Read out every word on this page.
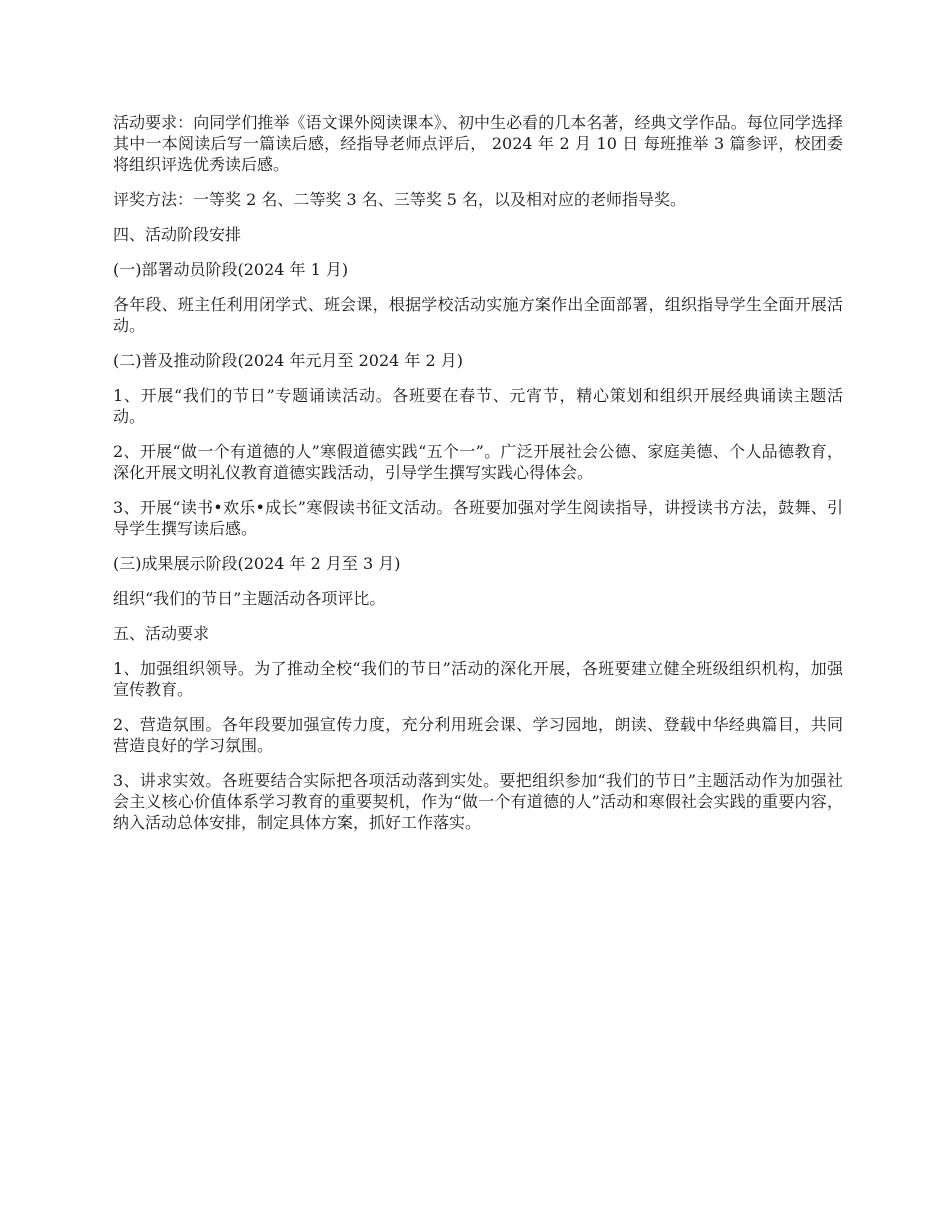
活动要求：向同学们推举《语文课外阅读课本》、初中生必看的几本名著，经典文学作品。每位同学选择其中一本阅读后写一篇读后感，经指导老师点评后， 2024 年 2 月 10 日 每班推举 3 篇参评，校团委将组织评选优秀读后感。

评奖方法：一等奖 2 名、二等奖 3 名、三等奖 5 名，以及相对应的老师指导奖。

四、活动阶段安排

(一)部署动员阶段(2024 年 1 月)

各年段、班主任利用闭学式、班会课，根据学校活动实施方案作出全面部署，组织指导学生全面开展活动。

(二)普及推动阶段(2024 年元月至 2024 年 2 月)

1、开展“我们的节日”专题诵读活动。各班要在春节、元宵节，精心策划和组织开展经典诵读主题活动。

2、开展“做一个有道德的人”寒假道德实践“五个一”。广泛开展社会公德、家庭美德、个人品德教育，深化开展文明礼仪教育道德实践活动，引导学生撰写实践心得体会。

3、开展“读书•欢乐•成长”寒假读书征文活动。各班要加强对学生阅读指导，讲授读书方法，鼓舞、引导学生撰写读后感。

(三)成果展示阶段(2024 年 2 月至 3 月)

组织“我们的节日”主题活动各项评比。

五、活动要求

1、加强组织领导。为了推动全校“我们的节日”活动的深化开展，各班要建立健全班级组织机构，加强宣传教育。

2、营造氛围。各年段要加强宣传力度，充分利用班会课、学习园地，朗读、登载中华经典篇目，共同营造良好的学习氛围。

3、讲求实效。各班要结合实际把各项活动落到实处。要把组织参加“我们的节日”主题活动作为加强社会主义核心价值体系学习教育的重要契机，作为“做一个有道德的人”活动和寒假社会实践的重要内容，纳入活动总体安排，制定具体方案，抓好工作落实。
